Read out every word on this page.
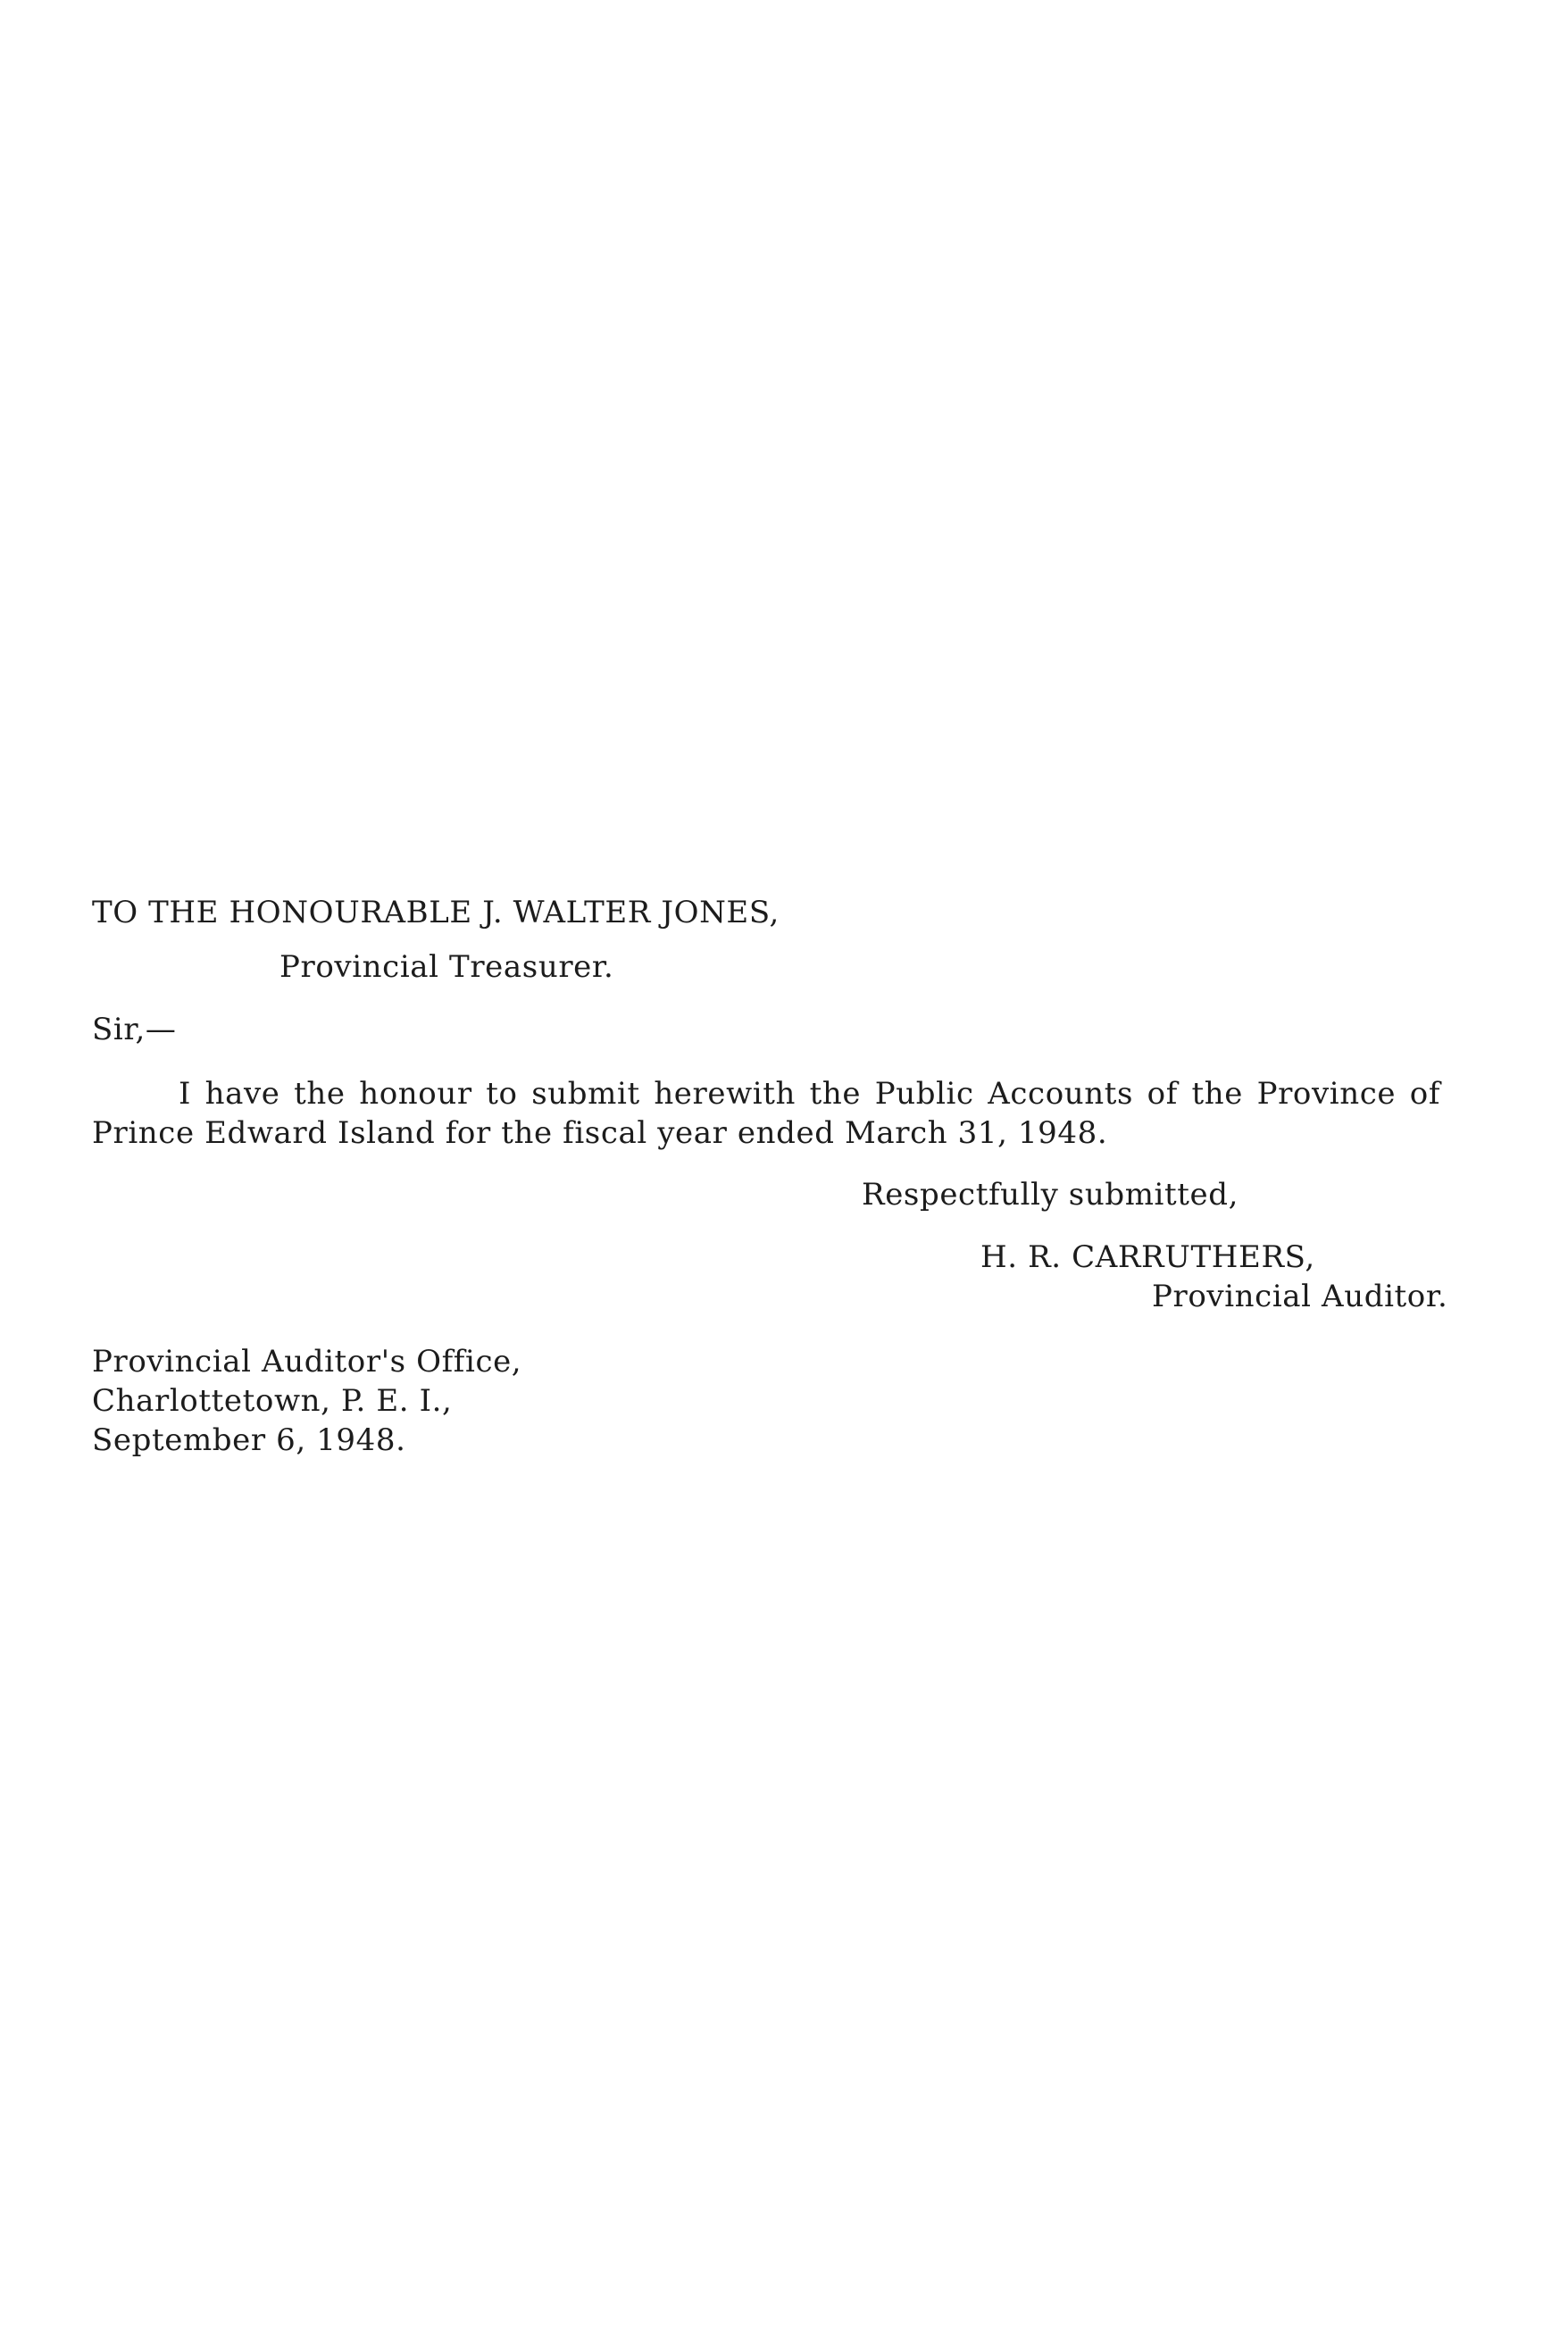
TO THE HONOURABLE J. WALTER JONES,
Provincial Treasurer.
Sir,—
I have the honour to submit herewith the Public Accounts of the Province of
Prince Edward Island for the fiscal year ended March 31, 1948.
Respectfully submitted,
H. R. CARRUTHERS,
Provincial Auditor.
Provincial Auditor's Office,
Charlottetown, P. E. I.,
September 6, 1948.
